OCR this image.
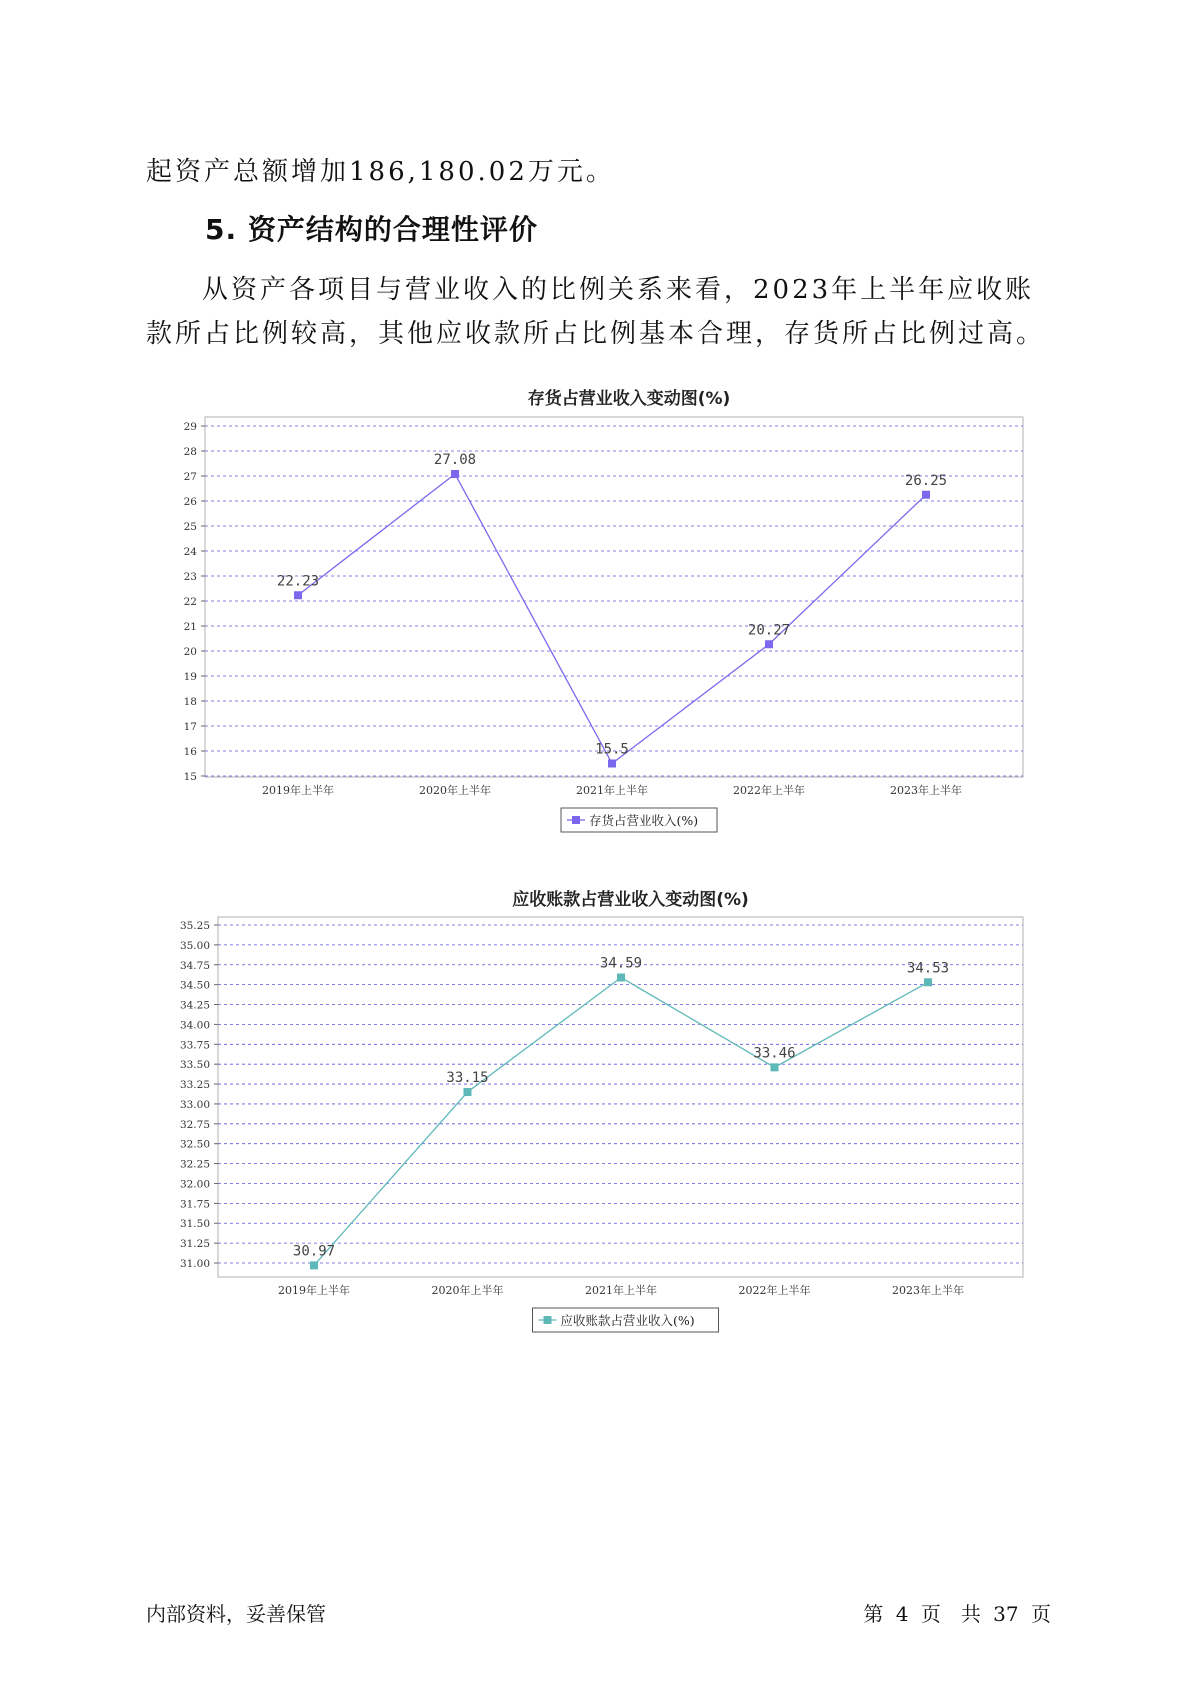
起资产总额增加186,180.02万元。

5. 资产结构的合理性评价

从资产各项目与营业收入的比例关系来看，2023年上半年应收账款所占比例较高，其他应收款所占比例基本合理，存货所占比例过高。

存货占营业收入变动图(%)
15
16
17
18
19
20
21
22
23
24
25
26
27
28
29
2019年上半年	2020年上半年	2021年上半年	2022年上半年	2023年上半年
22.23
27.08
15.5
20.27
26.25
存货占营业收入(%)
应收账款占营业收入变动图(%)
31.00
31.25
31.50
31.75
32.00
32.25
32.50
32.75
33.00
33.25
33.50
33.75
34.00
34.25
34.50
34.75
35.00
35.25
2019年上半年	2020年上半年	2021年上半年	2022年上半年	2023年上半年
30.97
33.15
34.59
33.46
34.53
应收账款占营业收入(%)

内部资料，妥善保管	第 4 页　共 37 页
